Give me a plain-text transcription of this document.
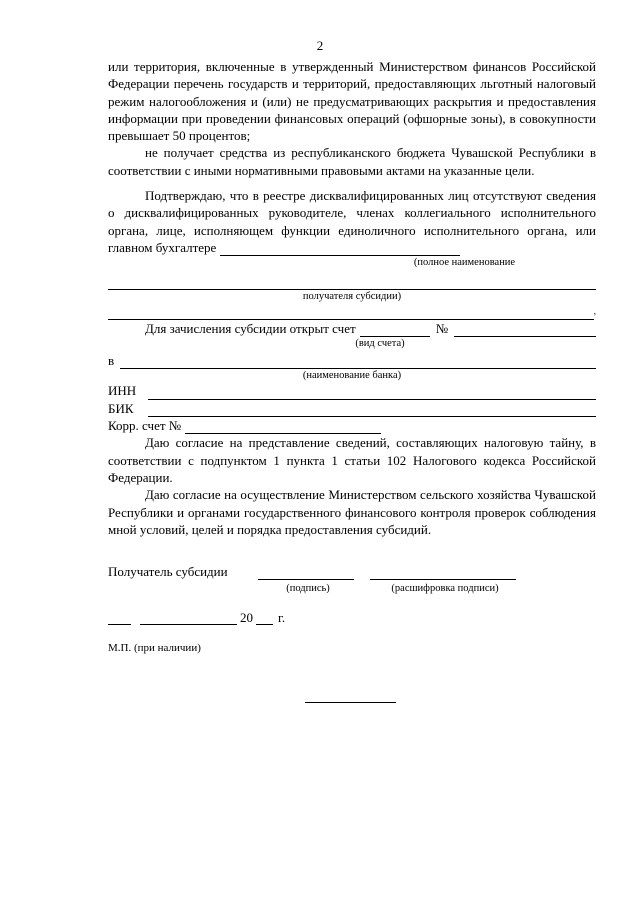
2

или территория, включенные в утвержденный Министерством финансов Российской Федерации перечень государств и территорий, предоставляющих льготный налоговый режим налогообложения и (или) не предусматривающих раскрытия и предоставления информации при проведении финансовых операций (офшорные зоны), в совокупности превышает 50 процентов;

не получает средства из республиканского бюджета Чувашской Республики в соответствии с иными нормативными правовыми актами на указанные цели.

Подтверждаю, что в реестре дисквалифицированных лиц отсутствуют сведения о дисквалифицированных руководителе, членах коллегиального исполнительного органа, лице, исполняющем функции единоличного исполнительного органа, или главном бухгалтере

(полное наименование
получателя субсидии)
,
Для зачисления субсидии открыт счет	№
(вид счета)
в
(наименование банка)
ИНН
БИК
Корр. счет №

Даю согласие на представление сведений, составляющих налоговую тайну, в соответствии с подпунктом 1 пункта 1 статьи 102 Налогового кодекса Российской Федерации.

Даю согласие на осуществление Министерством сельского хозяйства Чувашской Республики и органами государственного финансового контроля проверок соблюдения мной условий, целей и порядка предоставления субсидий.

Получатель субсидии
(подпись)	(расшифровка подписи)
20 г.
М.П. (при наличии)
